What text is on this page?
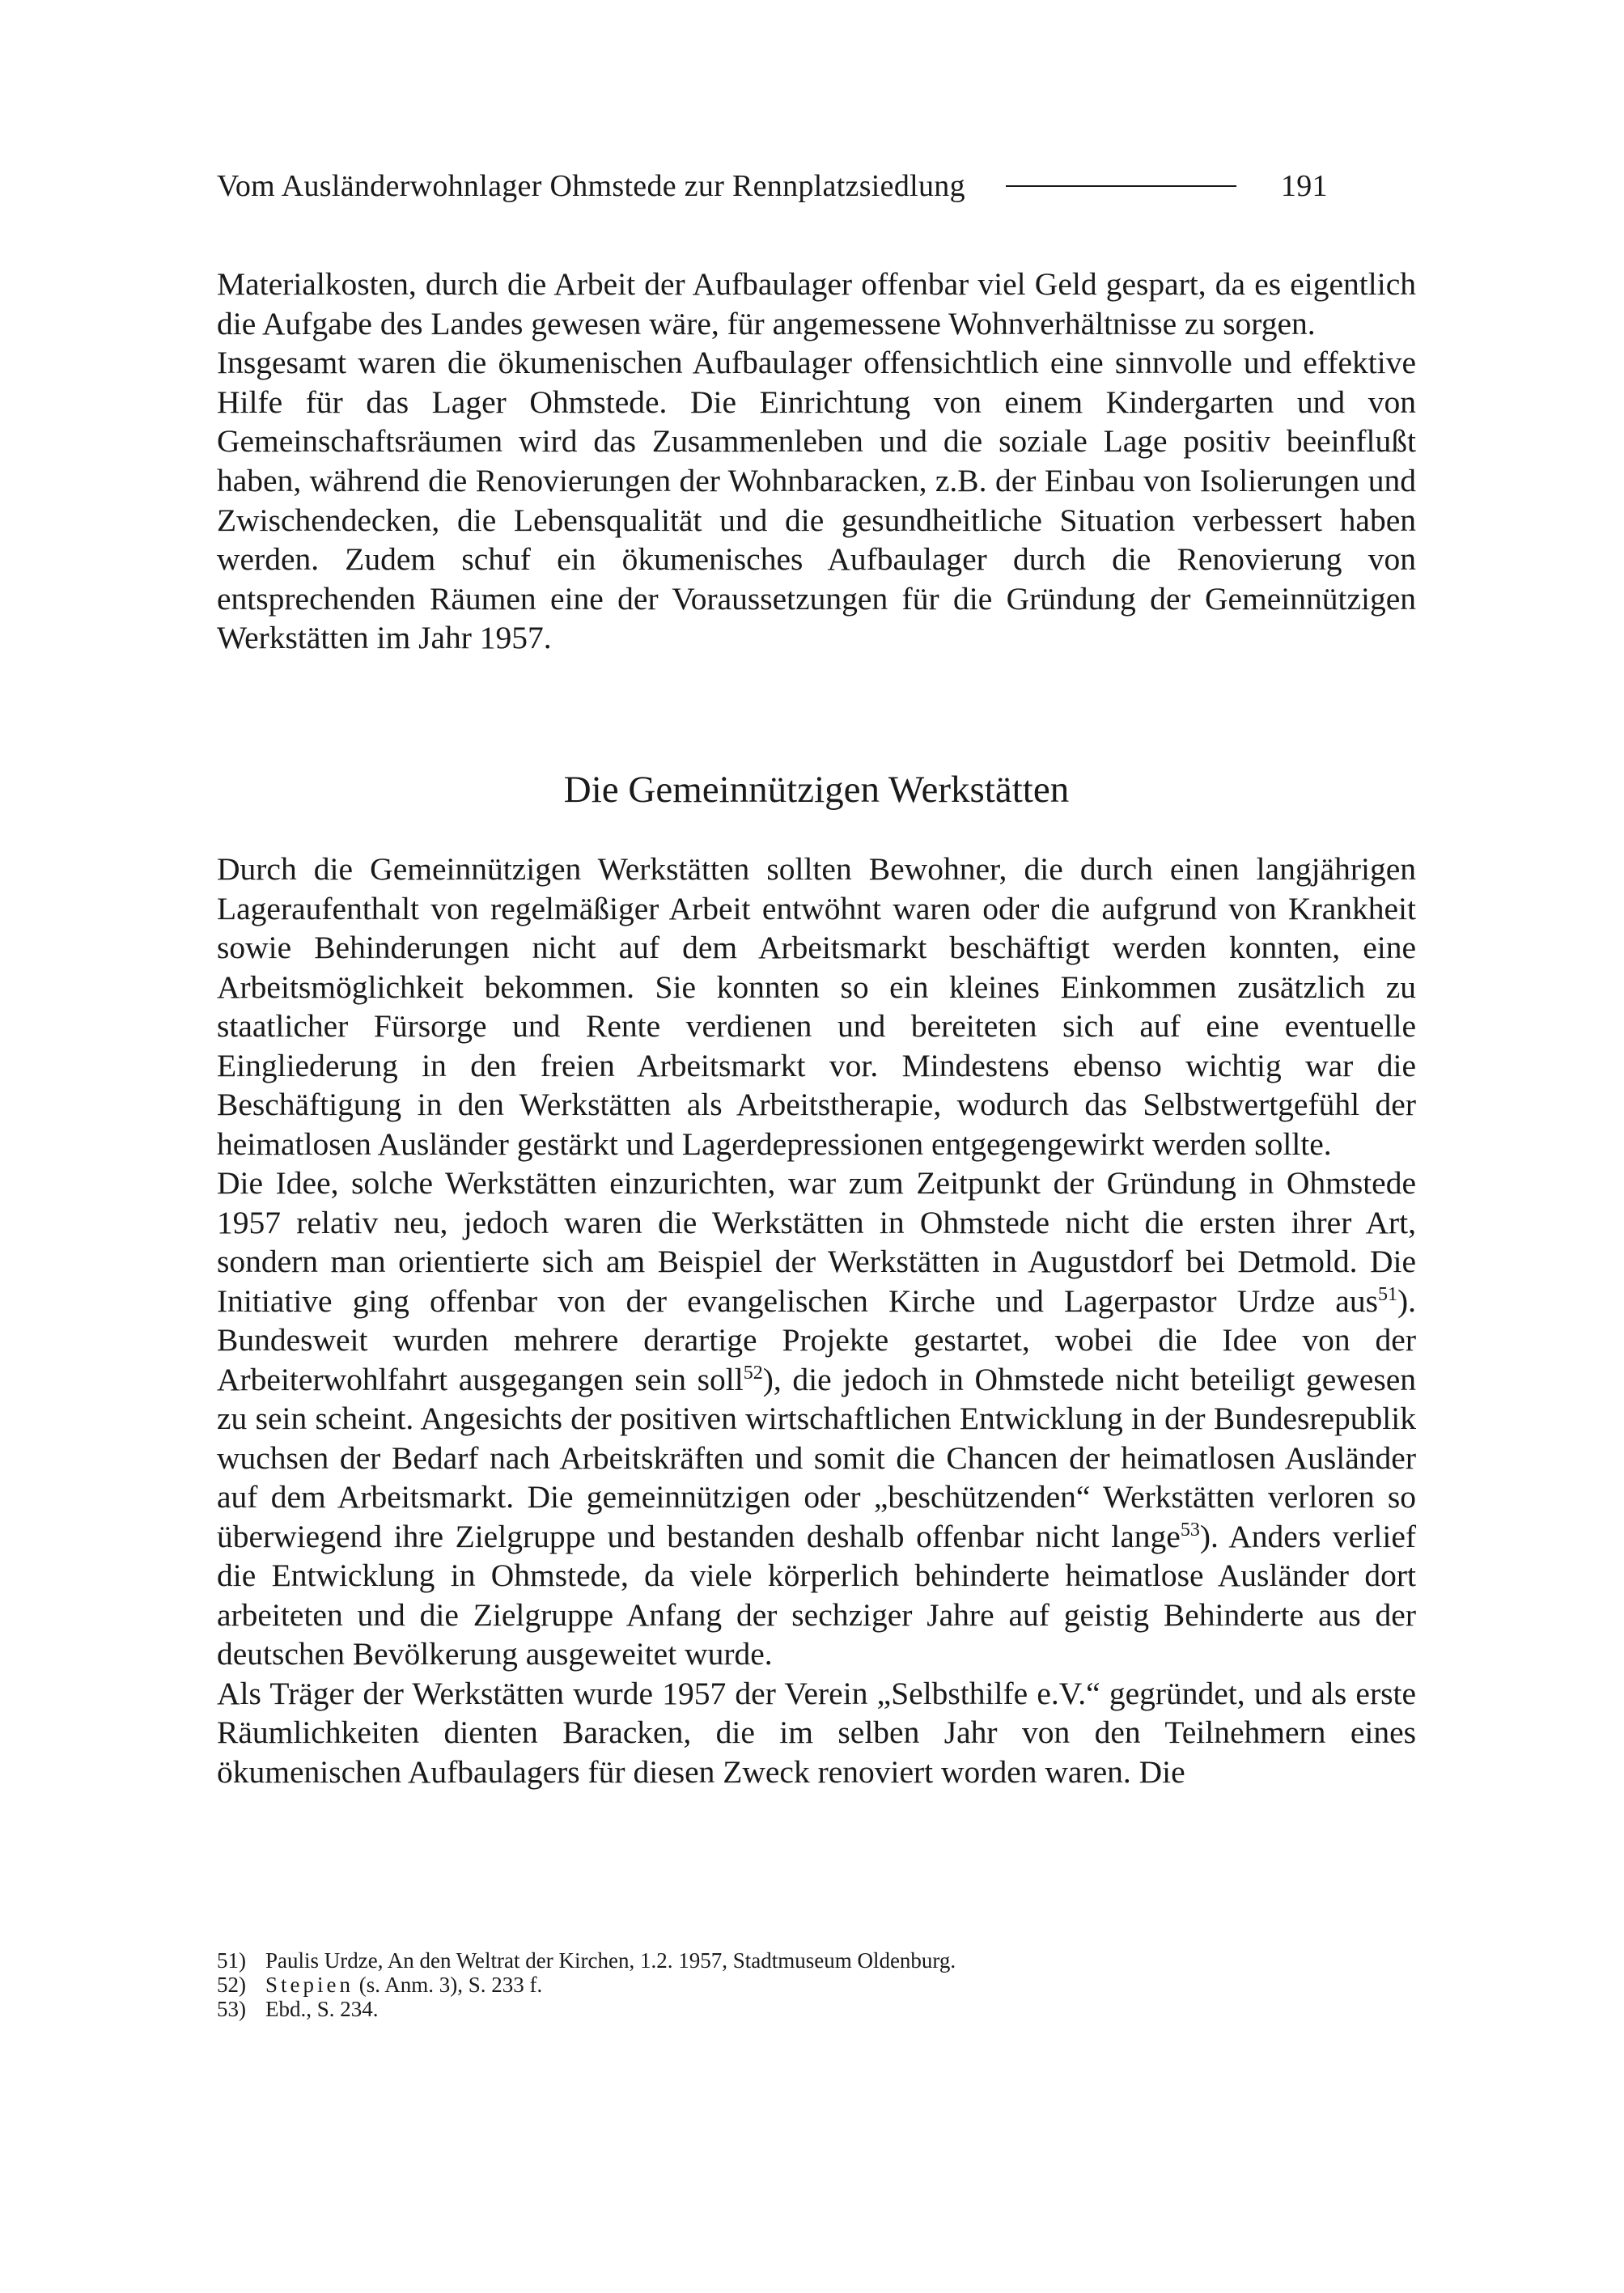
Vom Ausländerwohnlager Ohmstede zur Rennplatzsiedlung	191

Materialkosten, durch die Arbeit der Aufbaulager offenbar viel Geld gespart, da es eigentlich die Aufgabe des Landes gewesen wäre, für angemessene Wohnverhältnisse zu sorgen.

Insgesamt waren die ökumenischen Aufbaulager offensichtlich eine sinnvolle und effektive Hilfe für das Lager Ohmstede. Die Einrichtung von einem Kindergarten und von Gemeinschaftsräumen wird das Zusammenleben und die soziale Lage positiv beeinflußt haben, während die Renovierungen der Wohnbaracken, z.B. der Einbau von Isolierungen und Zwischendecken, die Lebensqualität und die gesundheitliche Situation verbessert haben werden. Zudem schuf ein ökumenisches Aufbaulager durch die Renovierung von entsprechenden Räumen eine der Voraussetzungen für die Gründung der Gemeinnützigen Werkstätten im Jahr 1957.

Die Gemeinnützigen Werkstätten

Durch die Gemeinnützigen Werkstätten sollten Bewohner, die durch einen langjährigen Lageraufenthalt von regelmäßiger Arbeit entwöhnt waren oder die aufgrund von Krankheit sowie Behinderungen nicht auf dem Arbeitsmarkt beschäftigt werden konnten, eine Arbeitsmöglichkeit bekommen. Sie konnten so ein kleines Einkommen zusätzlich zu staatlicher Fürsorge und Rente verdienen und bereiteten sich auf eine eventuelle Eingliederung in den freien Arbeitsmarkt vor. Mindestens ebenso wichtig war die Beschäftigung in den Werkstätten als Arbeitstherapie, wodurch das Selbstwertgefühl der heimatlosen Ausländer gestärkt und Lagerdepressionen entgegengewirkt werden sollte.

Die Idee, solche Werkstätten einzurichten, war zum Zeitpunkt der Gründung in Ohmstede 1957 relativ neu, jedoch waren die Werkstätten in Ohmstede nicht die ersten ihrer Art, sondern man orientierte sich am Beispiel der Werkstätten in Augustdorf bei Detmold. Die Initiative ging offenbar von der evangelischen Kirche und Lagerpastor Urdze aus$^{51}$). Bundesweit wurden mehrere derartige Projekte gestartet, wobei die Idee von der Arbeiterwohlfahrt ausgegangen sein soll$^{52}$), die jedoch in Ohmstede nicht beteiligt gewesen zu sein scheint. Angesichts der positiven wirtschaftlichen Entwicklung in der Bundesrepublik wuchsen der Bedarf nach Arbeitskräften und somit die Chancen der heimatlosen Ausländer auf dem Arbeitsmarkt. Die gemeinnützigen oder „beschützenden“ Werkstätten verloren so überwiegend ihre Zielgruppe und bestanden deshalb offenbar nicht lange$^{53}$). Anders verlief die Entwicklung in Ohmstede, da viele körperlich behinderte heimatlose Ausländer dort arbeiteten und die Zielgruppe Anfang der sechziger Jahre auf geistig Behinderte aus der deutschen Bevölkerung ausgeweitet wurde.

Als Träger der Werkstätten wurde 1957 der Verein „Selbsthilfe e.V.“ gegründet, und als erste Räumlichkeiten dienten Baracken, die im selben Jahr von den Teilnehmern eines ökumenischen Aufbaulagers für diesen Zweck renoviert worden waren. Die

51) Paulis Urdze, An den Weltrat der Kirchen, 1.2. 1957, Stadtmuseum Oldenburg.
52) Stepien (s. Anm. 3), S. 233 f.
53) Ebd., S. 234.
